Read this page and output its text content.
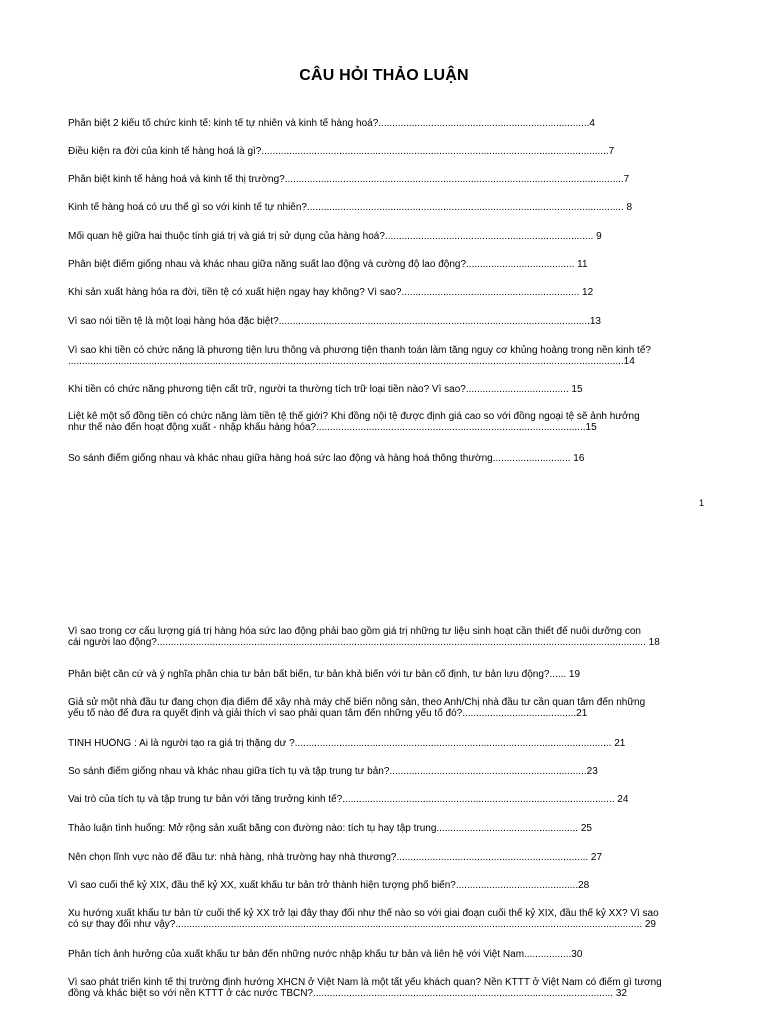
CÂU HỎI THẢO LUẬN
Phân biệt 2 kiểu tổ chức kinh tế: kinh tế tự nhiên và kinh tế hàng hoá?............................................................................4
Điều kiện ra đời của kinh tế hàng hoá là gì?.............................................................................................................................7
Phân biệt kinh tế hàng hoá và kinh tế thị trường?..........................................................................................................................7
Kinh tế hàng hoá có ưu thế gì so với kinh tế tự nhiên?.................................................................................................................. 8
Mối quan hệ giữa hai thuộc tính giá trị và giá trị sử dụng của hàng hoá?........................................................................... 9
Phân biệt điểm giống nhau và khác nhau giữa năng suất lao động và cường độ lao động?....................................... 11
Khi sản xuất hàng hóa ra đời, tiền tệ có xuất hiện ngay hay không? Vì sao?................................................................ 12
Vì sao nói tiền tệ là một loại hàng hóa đặc biệt?................................................................................................................13
Vì sao khi tiền có chức năng là phương tiện lưu thông và phương tiện thanh toán làm tăng nguy cơ khủng hoảng trong nền kinh tế?
........................................................................................................................................................................................................14
Khi tiền có chức năng phương tiện cất trữ, người ta thường tích trữ loại tiền nào? Vì sao?..................................... 15
Liệt kê một số đồng tiền có chức năng làm tiền tệ thế giới? Khi đồng nội tệ được định giá cao so với đồng ngoại tệ sẽ ảnh hưởng
như thế nào đến hoạt động xuất - nhập khẩu hàng hóa?.................................................................................................15
So sánh điểm giống nhau và khác nhau giữa hàng hoá sức lao động và hàng hoá thông thường............................ 16
Vì sao trong cơ cấu lượng giá trị hàng hóa sức lao động phải bao gồm giá trị những tư liệu sinh hoạt cần thiết để nuôi dưỡng con
cái người lao động?................................................................................................................................................................................ 18
Phân biệt căn cứ và ý nghĩa phân chia tư bản bất biến, tư bản khả biến với tư bản cố định, tư bản lưu động?...... 19
Giả sử một nhà đầu tư đang chọn địa điểm để xây nhà máy chế biến nông sản, theo Anh/Chị nhà đầu tư cần quan tâm đến những
yếu tố nào để đưa ra quyết định và giải thích vì sao phải quan tâm đến những yếu tố đó?.........................................21
TÌNH HUỐNG : Ai là người tạo ra giá trị thặng dư ?.................................................................................................................. 21
So sánh điểm giống nhau và khác nhau giữa tích tụ và tập trung tư bản?.......................................................................23
Vai trò của tích tụ và tập trung tư bản với tăng trưởng kinh tế?.................................................................................................. 24
Thảo luận tình huống: Mở rộng sản xuất bằng con đường nào: tích tụ hay tập trung................................................... 25
Nên chọn lĩnh vực nào để đầu tư: nhà hàng, nhà trường hay nhà thương?..................................................................... 27
Vì sao cuối thế kỷ XIX, đầu thế kỷ XX, xuất khẩu tư bản trở thành hiện tượng phổ biến?............................................28
Xu hướng xuất khẩu tư bản từ cuối thế kỷ XX trở lại đây thay đổi như thế nào so với giai đoạn cuối thế kỷ XIX, đầu thế kỷ XX? Vì sao
có sự thay đổi như vậy?........................................................................................................................................................................ 29
Phân tích ảnh hưởng của xuất khẩu tư bản đến những nước nhập khẩu tư bản và liên hệ với Việt Nam.................30
Vì sao phát triển kinh tế thị trường định hướng XHCN ở Việt Nam là một tất yếu khách quan? Nền KTTT ở Việt Nam có điểm gì tương
đồng và khác biệt so với nền KTTT ở các nước TBCN?............................................................................................................ 32
1
